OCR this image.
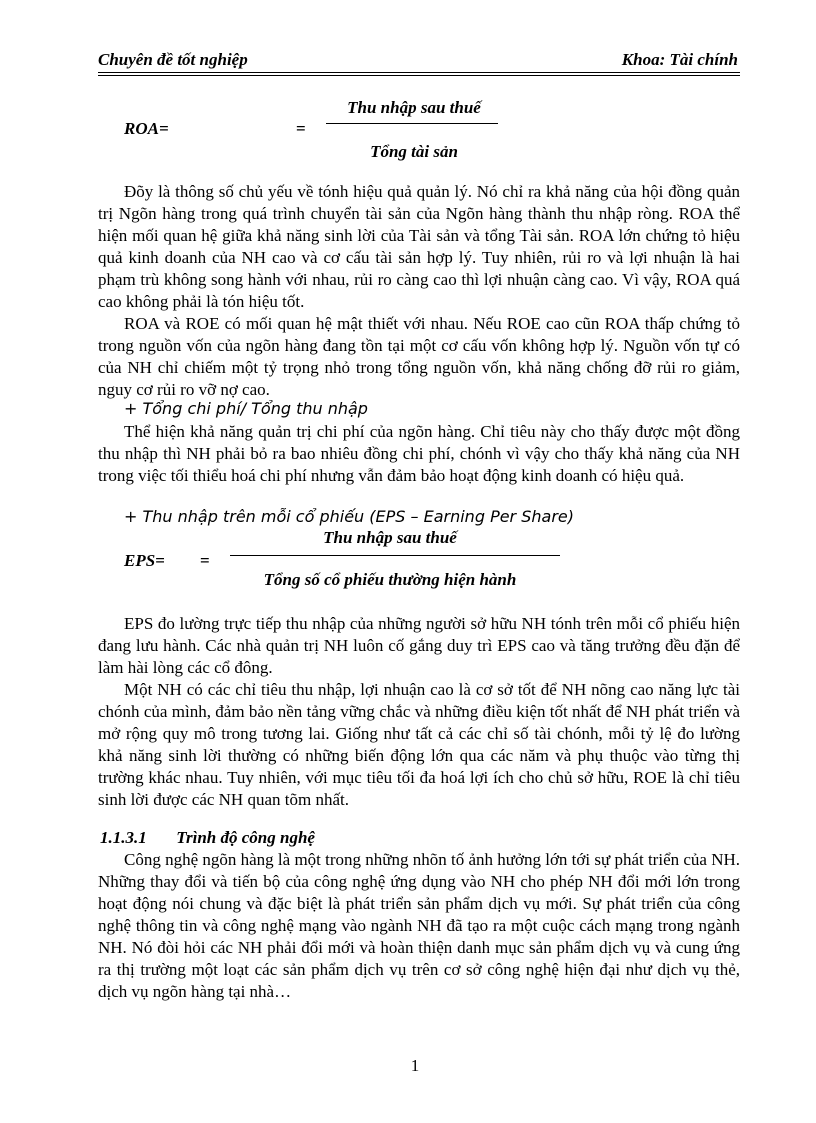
Chuyên đề tốt nghiệp	Khoa: Tài chính
ROA=	=
Thu nhập sau thuế
Tổng tài sản

Đõy là thông số chủ yếu về tónh hiệu quả quản lý. Nó chỉ ra khả năng của hội đồng quản trị Ngõn hàng trong quá trình chuyển tài sản của Ngõn hàng thành thu nhập ròng. ROA thể hiện mối quan hệ giữa khả năng sinh lời của Tài sản và tổng Tài sản. ROA lớn chứng tỏ hiệu quả kinh doanh của NH cao và cơ cấu tài sản hợp lý. Tuy nhiên, rủi ro và lợi nhuận là hai phạm trù không song hành với nhau, rủi ro càng cao thì lợi nhuận càng cao. Vì vậy, ROA quá cao không phải là tón hiệu tốt.

ROA và ROE có mối quan hệ mật thiết với nhau. Nếu ROE cao cũn ROA thấp chứng tỏ trong nguồn vốn của ngõn hàng đang tồn tại một cơ cấu vốn không hợp lý. Nguồn vốn tự có của NH chỉ chiếm một tỷ trọng nhỏ trong tổng nguồn vốn, khả năng chống đỡ rủi ro giảm, nguy cơ rủi ro vỡ nợ cao.

+ Tổng chi phí/ Tổng thu nhập

Thể hiện khả năng quản trị chi phí của ngõn hàng. Chỉ tiêu này cho thấy được một đồng thu nhập thì NH phải bỏ ra bao nhiêu đồng chi phí, chónh vì vậy cho thấy khả năng của NH trong việc tối thiểu hoá chi phí nhưng vẫn đảm bảo hoạt động kinh doanh có hiệu quả.

+ Thu nhập trên mỗi cổ phiếu (EPS – Earning Per Share)

EPS= =
Thu nhập sau thuế
Tổng số cổ phiếu thường hiện hành

EPS đo lường trực tiếp thu nhập của những người sở hữu NH tónh trên mỗi cổ phiếu hiện đang lưu hành. Các nhà quản trị NH luôn cố gắng duy trì EPS cao và tăng trưởng đều đặn để làm hài lòng các cổ đông.

Một NH có các chỉ tiêu thu nhập, lợi nhuận cao là cơ sở tốt để NH nõng cao năng lực tài chónh của mình, đảm bảo nền tảng vững chắc và những điều kiện tốt nhất để NH phát triển và mở rộng quy mô trong tương lai. Giống như tất cả các chỉ số tài chónh, mỗi tỷ lệ đo lường khả năng sinh lời thường có những biến động lớn qua các năm và phụ thuộc vào từng thị trường khác nhau. Tuy nhiên, với mục tiêu tối đa hoá lợi ích cho chủ sở hữu, ROE là chỉ tiêu sinh lời được các NH quan tõm nhất.

1.1.3.1 Trình độ công nghệ

Công nghệ ngõn hàng là một trong những nhõn tố ảnh hưởng lớn tới sự phát triển của NH. Những thay đổi và tiến bộ của công nghệ ứng dụng vào NH cho phép NH đổi mới lớn trong hoạt động nói chung và đặc biệt là phát triển sản phẩm dịch vụ mới. Sự phát triển của công nghệ thông tin và công nghệ mạng vào ngành NH đã tạo ra một cuộc cách mạng trong ngành NH. Nó đòi hỏi các NH phải đổi mới và hoàn thiện danh mục sản phẩm dịch vụ và cung ứng ra thị trường một loạt các sản phẩm dịch vụ trên cơ sở công nghệ hiện đại như dịch vụ thẻ, dịch vụ ngõn hàng tại nhà…

1
